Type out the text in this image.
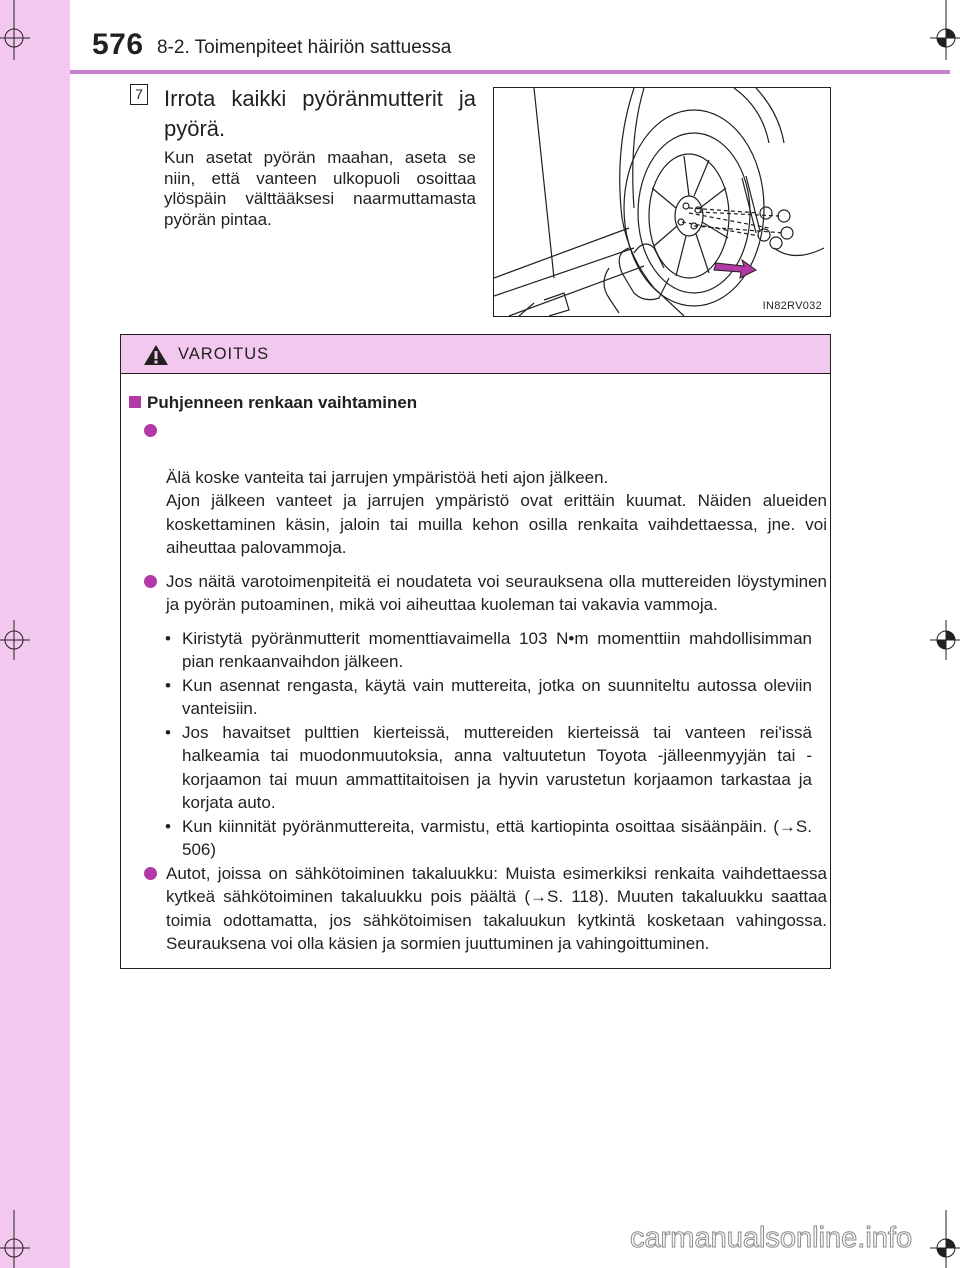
576 8-2. Toimenpiteet häiriön sattuessa
7 Irrota kaikki pyöränmutterit ja pyörä.
Kun asetat pyörän maahan, aseta se niin, että vanteen ulkopuoli osoittaa ylöspäin välttääksesi naarmuttamasta pyörän pintaa.
IN82RV032
VAROITUS
Puhjenneen renkaan vaihtaminen

Älä koske vanteita tai jarrujen ympäristöä heti ajon jälkeen.
Ajon jälkeen vanteet ja jarrujen ympäristö ovat erittäin kuumat. Näiden alueiden koskettaminen käsin, jaloin tai muilla kehon osilla renkaita vaihdettaessa, jne. voi aiheuttaa palovammoja.

Jos näitä varotoimenpiteitä ei noudateta voi seurauksena olla muttereiden löystyminen ja pyörän putoaminen, mikä voi aiheuttaa kuoleman tai vakavia vammoja.
• Kiristytä pyöränmutterit momenttiavaimella 103 N•m momenttiin mahdollisimman pian renkaanvaihdon jälkeen.
• Kun asennat rengasta, käytä vain muttereita, jotka on suunniteltu autossa oleviin vanteisiin.
• Jos havaitset pulttien kierteissä, muttereiden kierteissä tai vanteen rei'issä halkeamia tai muodonmuutoksia, anna valtuutetun Toyota -jälleenmyyjän tai -korjaamon tai muun ammattitaitoisen ja hyvin varustetun korjaamon tarkastaa ja korjata auto.
• Kun kiinnität pyöränmuttereita, varmistu, että kartiopinta osoittaa sisäänpäin. (→S. 506)
Autot, joissa on sähkötoiminen takaluukku: Muista esimerkiksi renkaita vaihdettaessa kytkeä sähkötoiminen takaluukku pois päältä (→S. 118). Muuten takaluukku saattaa toimia odottamatta, jos sähkötoimisen takaluukun kytkintä kosketaan vahingossa. Seurauksena voi olla käsien ja sormien juuttuminen ja vahingoittuminen.
carmanualsonline.info
